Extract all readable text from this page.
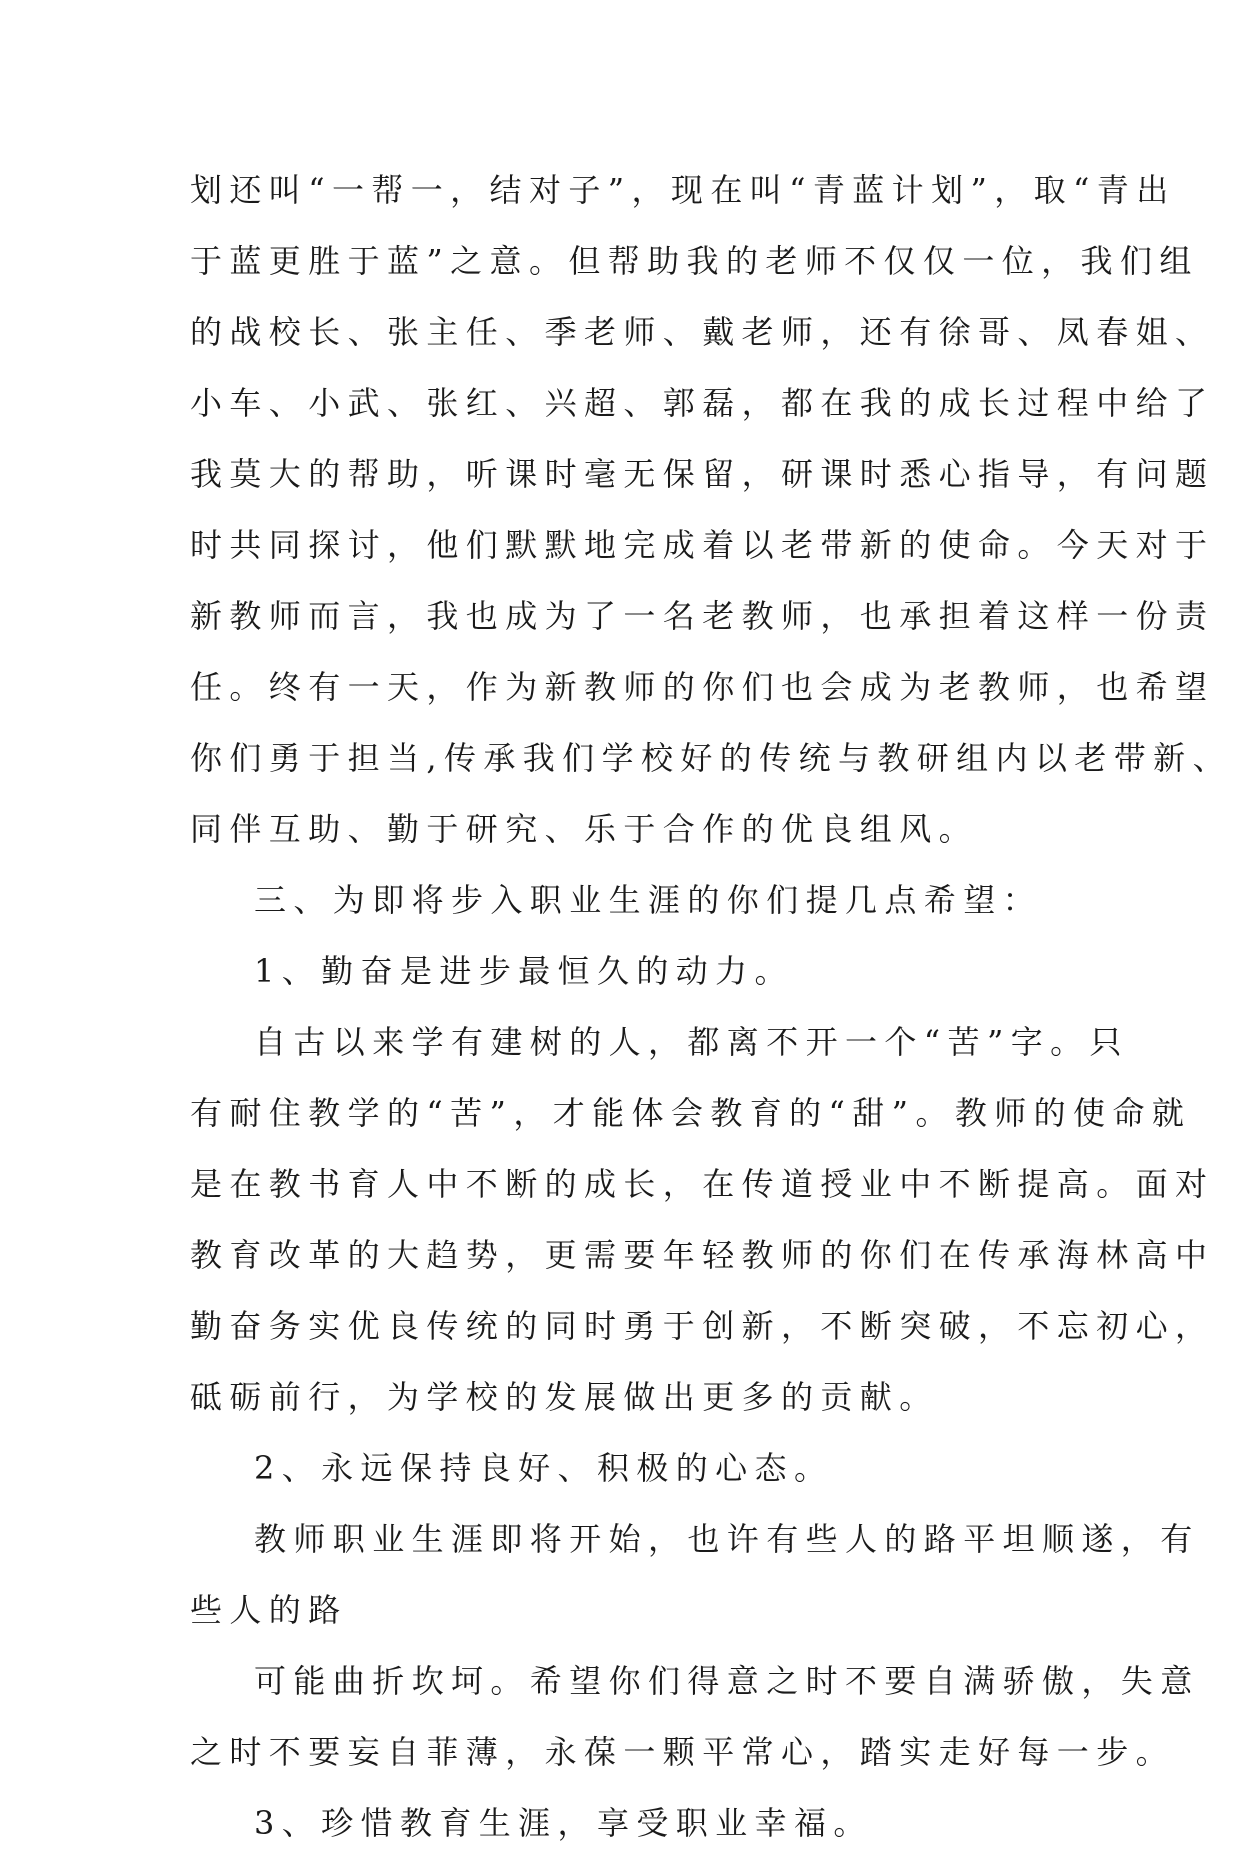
划还叫“一帮一，结对子”，现在叫“青蓝计划”，取“青出
于蓝更胜于蓝”之意。但帮助我的老师不仅仅一位，我们组
的战校长、张主任、季老师、戴老师，还有徐哥、凤春姐、
小车、小武、张红、兴超、郭磊，都在我的成长过程中给了
我莫大的帮助，听课时毫无保留，研课时悉心指导，有问题
时共同探讨，他们默默地完成着以老带新的使命。今天对于
新教师而言，我也成为了一名老教师，也承担着这样一份责
任。终有一天，作为新教师的你们也会成为老教师，也希望
你们勇于担当,传承我们学校好的传统与教研组内以老带新、
同伴互助、勤于研究、乐于合作的优良组风。
三、为即将步入职业生涯的你们提几点希望：
1、勤奋是进步最恒久的动力。
自古以来学有建树的人，都离不开一个“苦”字。只
有耐住教学的“苦”，才能体会教育的“甜”。教师的使命就
是在教书育人中不断的成长，在传道授业中不断提高。面对
教育改革的大趋势，更需要年轻教师的你们在传承海林高中
勤奋务实优良传统的同时勇于创新，不断突破，不忘初心，
砥砺前行，为学校的发展做出更多的贡献。
2、永远保持良好、积极的心态。
教师职业生涯即将开始，也许有些人的路平坦顺遂，有
些人的路
可能曲折坎坷。希望你们得意之时不要自满骄傲，失意
之时不要妄自菲薄，永葆一颗平常心，踏实走好每一步。
3、珍惜教育生涯，享受职业幸福。
